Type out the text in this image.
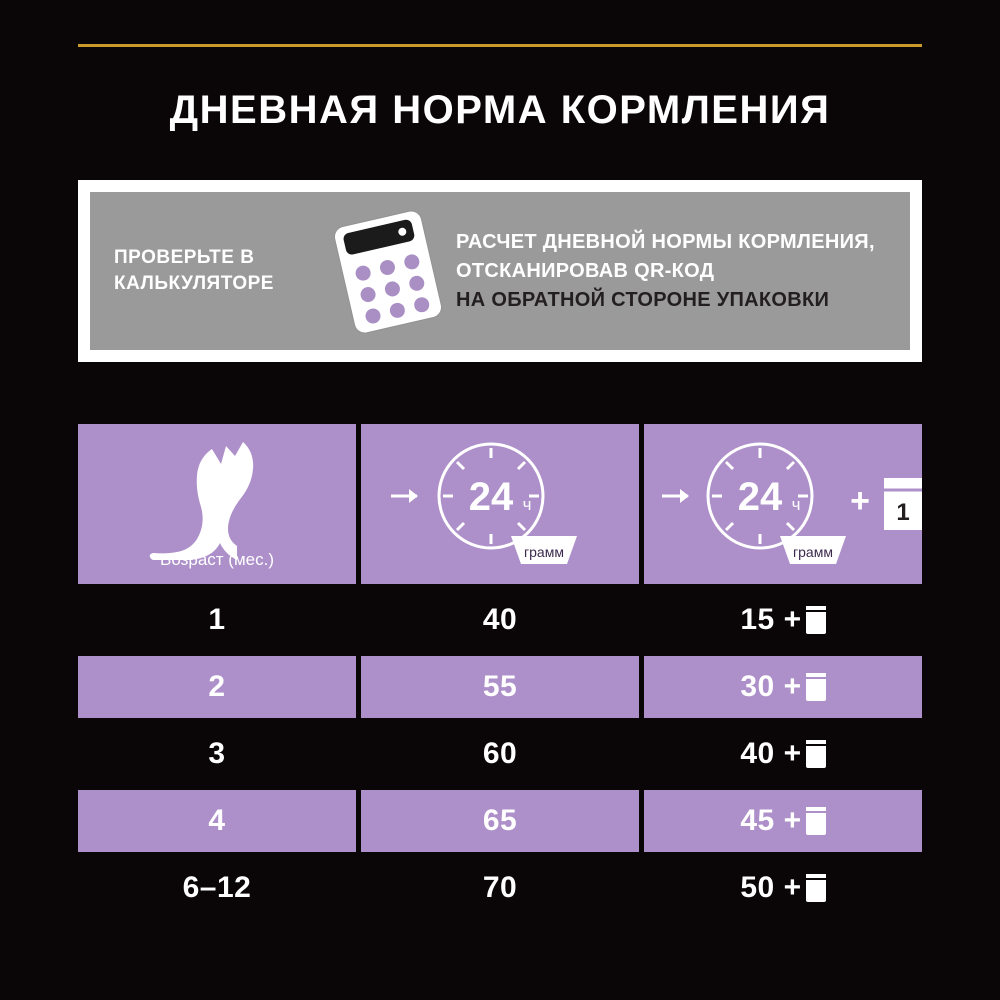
ДНЕВНАЯ НОРМА КОРМЛЕНИЯ
ПРОВЕРЬТЕ В КАЛЬКУЛЯТОРЕ
РАСЧЕТ ДНЕВНОЙ НОРМЫ КОРМЛЕНИЯ,
ОТСКАНИРОВАВ QR-КОД
НА ОБРАТНОЙ СТОРОНЕ УПАКОВКИ
Возраст (мес.)
24 ч
грамм
24 ч
грамм
+ 1
1	40	15 +
2	55	30 +
3	60	40 +
4	65	45 +
6–12	70	50 +
